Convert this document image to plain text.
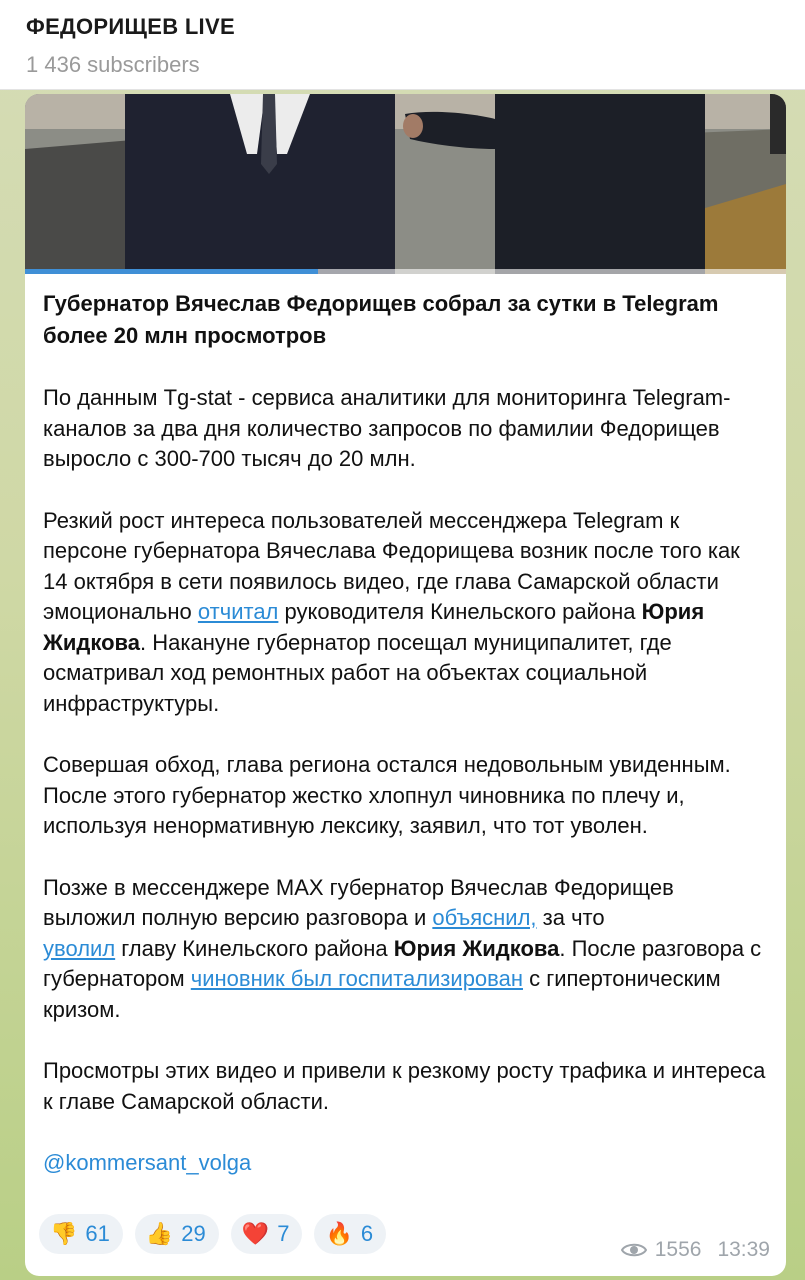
ФЕДОРИЩЕВ LIVE
1 436 subscribers
Губернатор Вячеслав Федорищев собрал за сутки в Telegram более 20 млн просмотров

По данным Tg-stat - сервиса аналитики для мониторинга Telegram-каналов за два дня количество запросов по фамилии Федорищев выросло с 300-700 тысяч до 20 млн.

Резкий рост интереса пользователей мессенджера Telegram к персоне губернатора Вячеслава Федорищева возник после того как 14 октября в сети появилось видео, где глава Самарской области эмоционально отчитал руководителя Кинельского района Юрия Жидкова. Накануне губернатор посещал муниципалитет, где осматривал ход ремонтных работ на объектах социальной инфраструктуры.

Совершая обход, глава региона остался недовольным увиденным. После этого губернатор жестко хлопнул чиновника по плечу и, используя ненормативную лексику, заявил, что тот уволен.

Позже в мессенджере MAX губернатор Вячеслав Федорищев выложил полную версию разговора и объяснил, за что
уволил главу Кинельского района Юрия Жидкова. После разговора с губернатором чиновник был госпитализирован с гипертоническим кризом.

Просмотры этих видео и привели к резкому росту трафика и интереса к главе Самарской области.

@kommersant_volga

👎 61 👍 29 ❤️ 7 🔥 6
1556 13:39
